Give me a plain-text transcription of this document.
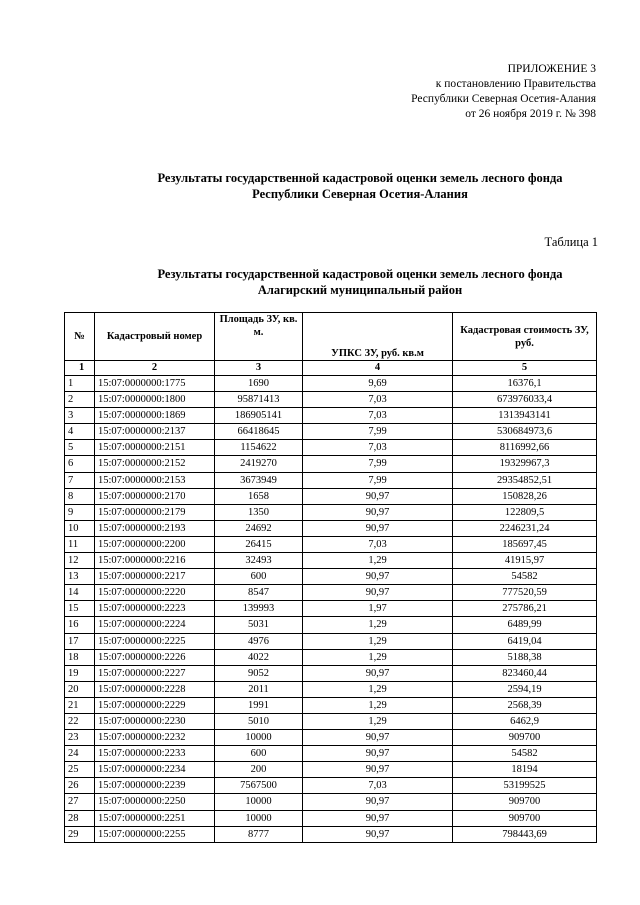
ПРИЛОЖЕНИЕ 3
к постановлению Правительства
Республики Северная Осетия-Алания
от 26 ноября 2019 г. № 398
Результаты государственной кадастровой оценки земель лесного фонда
Республики Северная Осетия-Алания
Таблица 1
Результаты государственной кадастровой оценки земель лесного фонда
Алагирский муниципальный район
№	Кадастровый номер	Площадь ЗУ, кв. м.	УПКС ЗУ, руб. кв.м	Кадастровая стоимость ЗУ, руб.
1	2	3	4	5
1	15:07:0000000:1775	1690	9,69	16376,1
2	15:07:0000000:1800	95871413	7,03	673976033,4
3	15:07:0000000:1869	186905141	7,03	1313943141
4	15:07:0000000:2137	66418645	7,99	530684973,6
5	15:07:0000000:2151	1154622	7,03	8116992,66
6	15:07:0000000:2152	2419270	7,99	19329967,3
7	15:07:0000000:2153	3673949	7,99	29354852,51
8	15:07:0000000:2170	1658	90,97	150828,26
9	15:07:0000000:2179	1350	90,97	122809,5
10	15:07:0000000:2193	24692	90,97	2246231,24
11	15:07:0000000:2200	26415	7,03	185697,45
12	15:07:0000000:2216	32493	1,29	41915,97
13	15:07:0000000:2217	600	90,97	54582
14	15:07:0000000:2220	8547	90,97	777520,59
15	15:07:0000000:2223	139993	1,97	275786,21
16	15:07:0000000:2224	5031	1,29	6489,99
17	15:07:0000000:2225	4976	1,29	6419,04
18	15:07:0000000:2226	4022	1,29	5188,38
19	15:07:0000000:2227	9052	90,97	823460,44
20	15:07:0000000:2228	2011	1,29	2594,19
21	15:07:0000000:2229	1991	1,29	2568,39
22	15:07:0000000:2230	5010	1,29	6462,9
23	15:07:0000000:2232	10000	90,97	909700
24	15:07:0000000:2233	600	90,97	54582
25	15:07:0000000:2234	200	90,97	18194
26	15:07:0000000:2239	7567500	7,03	53199525
27	15:07:0000000:2250	10000	90,97	909700
28	15:07:0000000:2251	10000	90,97	909700
29	15:07:0000000:2255	8777	90,97	798443,69
